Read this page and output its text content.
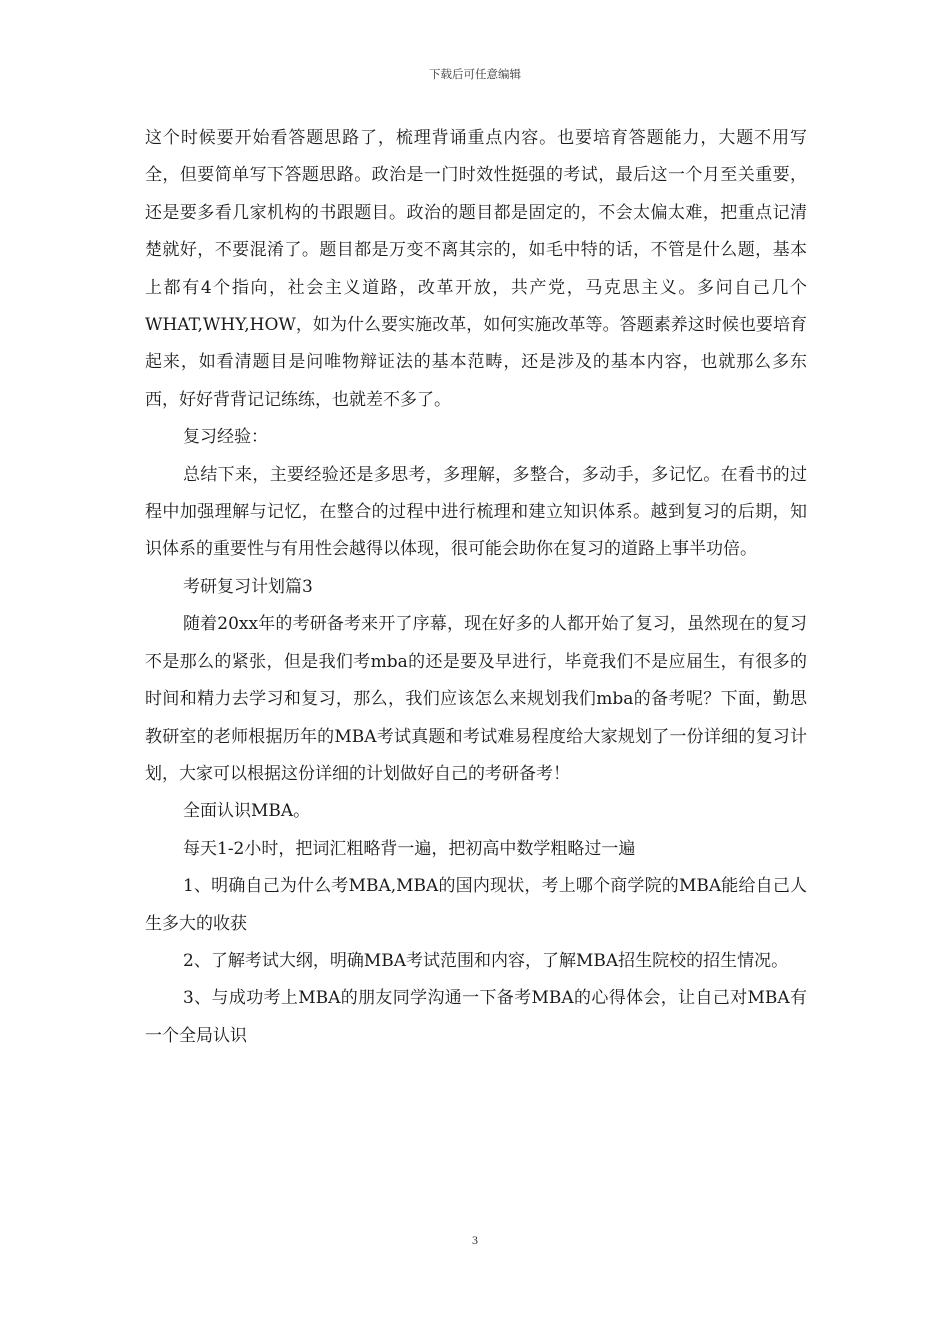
下载后可任意编辑

这个时候要开始看答题思路了，梳理背诵重点内容。也要培育答题能力，大题不用写全，但要简单写下答题思路。政治是一门时效性挺强的考试，最后这一个月至关重要，还是要多看几家机构的书跟题目。政治的题目都是固定的，不会太偏太难，把重点记清楚就好，不要混淆了。题目都是万变不离其宗的，如毛中特的话，不管是什么题，基本上都有4个指向，社会主义道路，改革开放，共产党，马克思主义。多问自己几个WHAT,WHY,HOW，如为什么要实施改革，如何实施改革等。答题素养这时候也要培育起来，如看清题目是问唯物辩证法的基本范畴，还是涉及的基本内容，也就那么多东西，好好背背记记练练，也就差不多了。

复习经验：

总结下来，主要经验还是多思考，多理解，多整合，多动手，多记忆。在看书的过程中加强理解与记忆，在整合的过程中进行梳理和建立知识体系。越到复习的后期，知识体系的重要性与有用性会越得以体现，很可能会助你在复习的道路上事半功倍。

考研复习计划篇3

随着20xx年的考研备考来开了序幕，现在好多的人都开始了复习，虽然现在的复习不是那么的紧张，但是我们考mba的还是要及早进行，毕竟我们不是应届生，有很多的时间和精力去学习和复习，那么，我们应该怎么来规划我们mba的备考呢？下面，勤思教研室的老师根据历年的MBA考试真题和考试难易程度给大家规划了一份详细的复习计划，大家可以根据这份详细的计划做好自己的考研备考！

全面认识MBA。

每天1-2小时，把词汇粗略背一遍，把初高中数学粗略过一遍

1、明确自己为什么考MBA,MBA的国内现状，考上哪个商学院的MBA能给自己人生多大的收获

2、了解考试大纲，明确MBA考试范围和内容，了解MBA招生院校的招生情况。

3、与成功考上MBA的朋友同学沟通一下备考MBA的心得体会，让自己对MBA有一个全局认识

3
